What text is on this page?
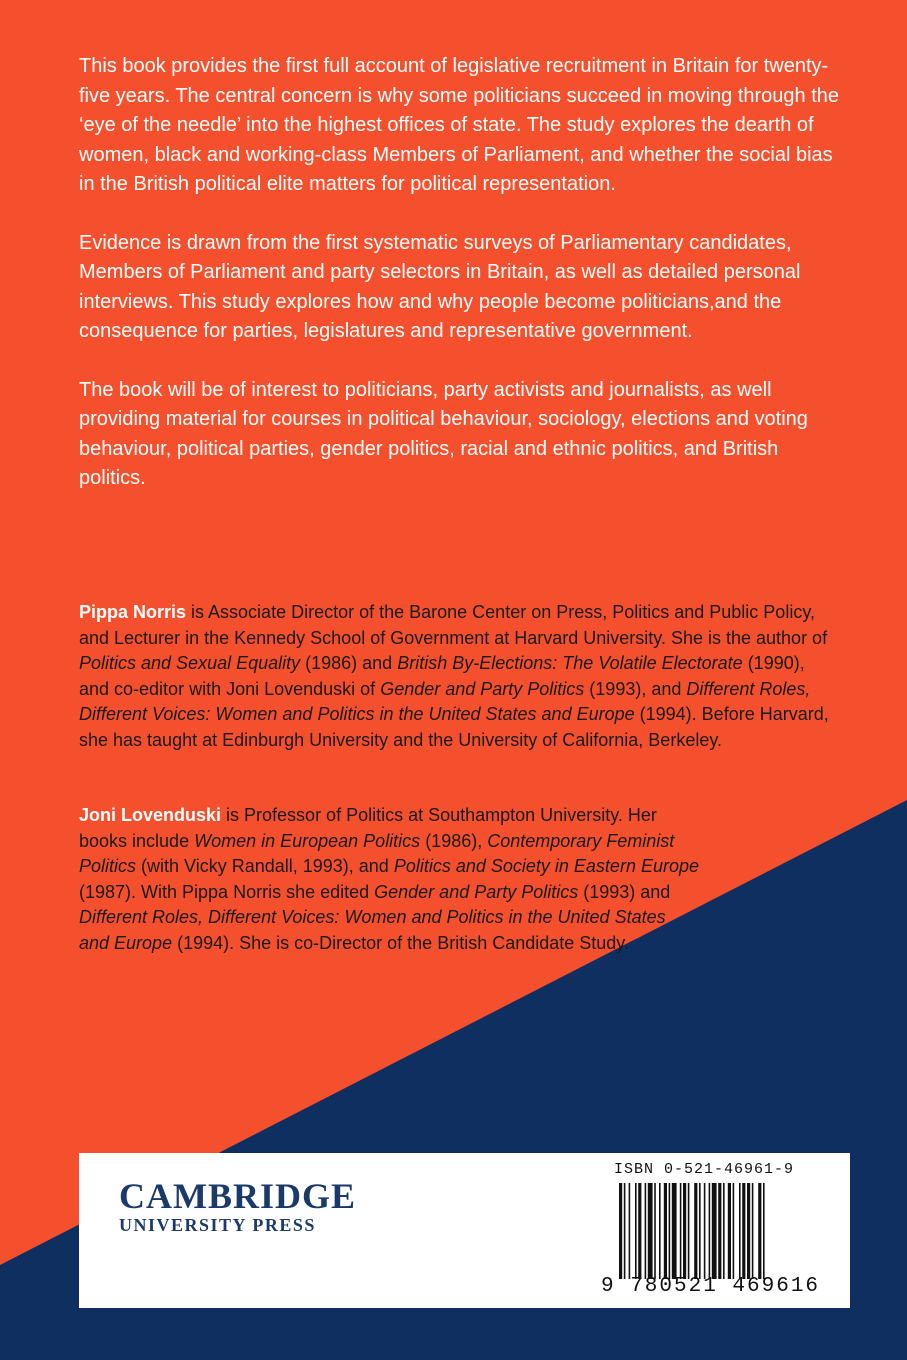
This book provides the first full account of legislative recruitment in Britain for twenty-five years. The central concern is why some politicians succeed in moving through the ‘eye of the needle’ into the highest offices of state. The study explores the dearth of women, black and working-class Members of Parliament, and whether the social bias in the British political elite matters for political representation.

Evidence is drawn from the first systematic surveys of Parliamentary candidates, Members of Parliament and party selectors in Britain, as well as detailed personal interviews. This study explores how and why people become politicians,and the consequence for parties, legislatures and representative government.

The book will be of interest to politicians, party activists and journalists, as well providing material for courses in political behaviour, sociology, elections and voting behaviour, political parties, gender politics, racial and ethnic politics, and British politics.

Pippa Norris is Associate Director of the Barone Center on Press, Politics and Public Policy, and Lecturer in the Kennedy School of Government at Harvard University. She is the author of Politics and Sexual Equality (1986) and British By-Elections: The Volatile Electorate (1990), and co-editor with Joni Lovenduski of Gender and Party Politics (1993), and Different Roles, Different Voices: Women and Politics in the United States and Europe (1994). Before Harvard, she has taught at Edinburgh University and the University of California, Berkeley.

Joni Lovenduski is Professor of Politics at Southampton University. Her books include Women in European Politics (1986), Contemporary Feminist Politics (with Vicky Randall, 1993), and Politics and Society in Eastern Europe (1987). With Pippa Norris she edited Gender and Party Politics (1993) and Different Roles, Different Voices: Women and Politics in the United States and Europe (1994). She is co-Director of the British Candidate Study.

CAMBRIDGE
UNIVERSITY PRESS
ISBN 0-521-46961-9
9 780521 469616
